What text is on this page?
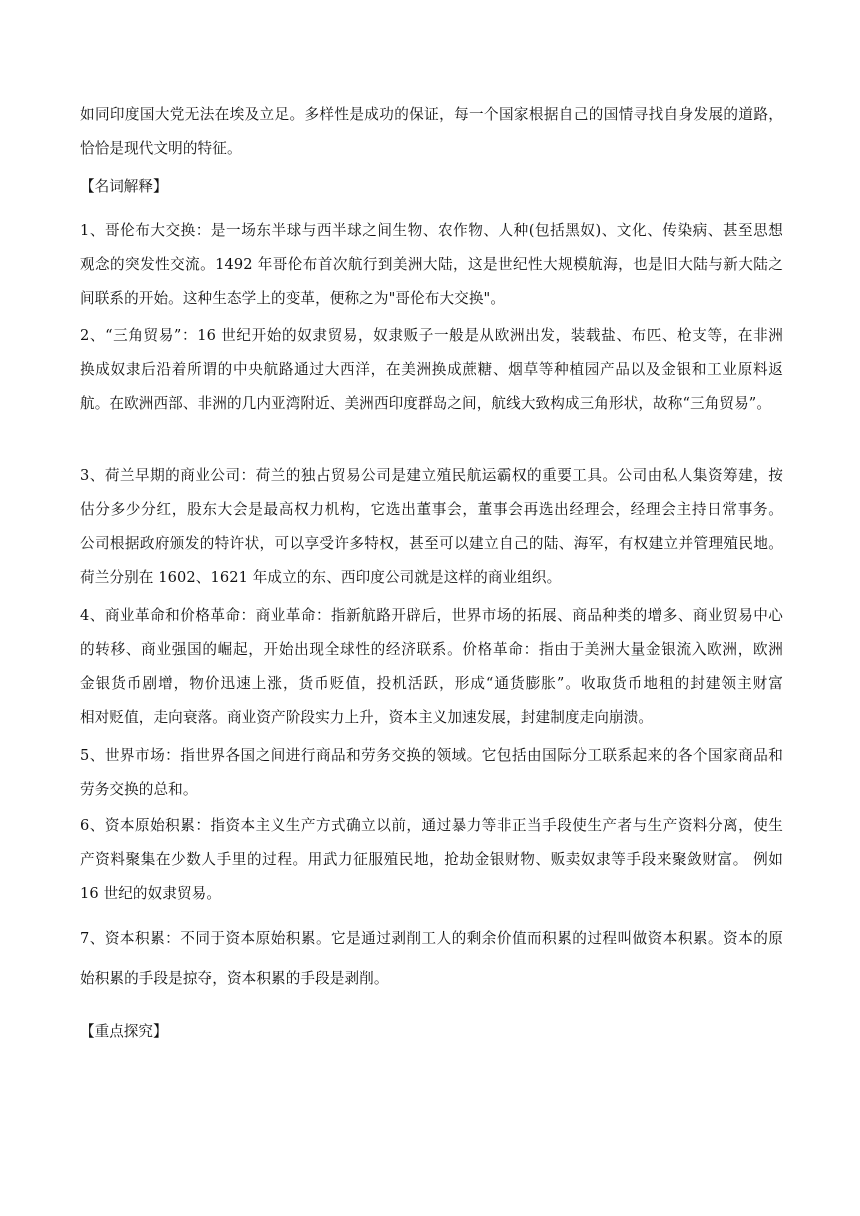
如同印度国大党无法在埃及立足。多样性是成功的保证，每一个国家根据自己的国情寻找自身发展的道路，
恰恰是现代文明的特征。
【名词解释】
1、哥伦布大交换：是一场东半球与西半球之间生物、农作物、人种(包括黑奴)、文化、传染病、甚至思想
观念的突发性交流。1492 年哥伦布首次航行到美洲大陆，这是世纪性大规模航海，也是旧大陆与新大陆之
间联系的开始。这种生态学上的变革，便称之为"哥伦布大交换"。
2、“三角贸易”：16 世纪开始的奴隶贸易，奴隶贩子一般是从欧洲出发，装载盐、布匹、枪支等，在非洲
换成奴隶后沿着所谓的中央航路通过大西洋，在美洲换成蔗糖、烟草等种植园产品以及金银和工业原料返
航。在欧洲西部、非洲的几内亚湾附近、美洲西印度群岛之间，航线大致构成三角形状，故称“三角贸易”。
3、荷兰早期的商业公司：荷兰的独占贸易公司是建立殖民航运霸权的重要工具。公司由私人集资筹建，按
估分多少分红，股东大会是最高权力机构，它选出董事会，董事会再选出经理会，经理会主持日常事务。
公司根据政府颁发的特许状，可以享受许多特权，甚至可以建立自己的陆、海军，有权建立并管理殖民地。
荷兰分别在 1602、1621 年成立的东、西印度公司就是这样的商业组织。
4、商业革命和价格革命：商业革命：指新航路开辟后，世界市场的拓展、商品种类的增多、商业贸易中心
的转移、商业强国的崛起，开始出现全球性的经济联系。价格革命：指由于美洲大量金银流入欧洲，欧洲
金银货币剧增，物价迅速上涨，货币贬值，投机活跃，形成“通货膨胀”。收取货币地租的封建领主财富
相对贬值，走向衰落。商业资产阶段实力上升，资本主义加速发展，封建制度走向崩溃。
5、世界市场：指世界各国之间进行商品和劳务交换的领域。它包括由国际分工联系起来的各个国家商品和
劳务交换的总和。
6、资本原始积累：指资本主义生产方式确立以前，通过暴力等非正当手段使生产者与生产资料分离，使生
产资料聚集在少数人手里的过程。用武力征服殖民地，抢劫金银财物、贩卖奴隶等手段来聚敛财富。 例如
16 世纪的奴隶贸易。
7、资本积累：不同于资本原始积累。它是通过剥削工人的剩余价值而积累的过程叫做资本积累。资本的原
始积累的手段是掠夺，资本积累的手段是剥削。
【重点探究】
